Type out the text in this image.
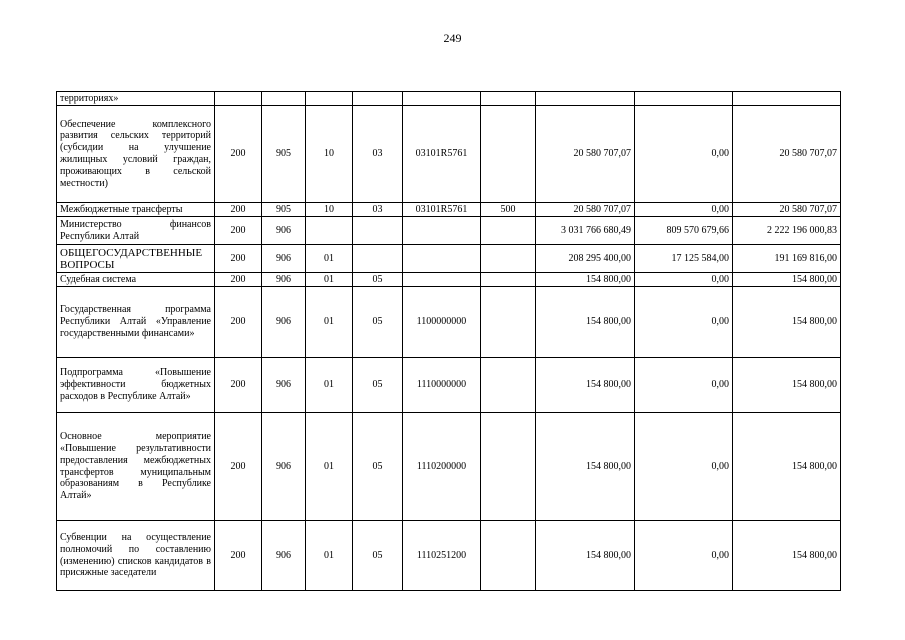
249
территориях»									
Обеспечение комплексного развития сельских территорий (субсидии на улучшение жилищных условий граждан, проживающих в сельской местности)	200	905	10	03	03101R5761		20 580 707,07	0,00	20 580 707,07
Межбюджетные трансферты	200	905	10	03	03101R5761	500	20 580 707,07	0,00	20 580 707,07
Министерство финансов Республики Алтай	200	906					3 031 766 680,49	809 570 679,66	2 222 196 000,83
ОБЩЕГОСУДАРСТВЕННЫЕ ВОПРОСЫ	200	906	01				208 295 400,00	17 125 584,00	191 169 816,00
Судебная система	200	906	01	05			154 800,00	0,00	154 800,00
Государственная программа Республики Алтай «Управление государственными финансами»	200	906	01	05	1100000000		154 800,00	0,00	154 800,00
Подпрограмма «Повышение эффективности бюджетных расходов в Республике Алтай»	200	906	01	05	1110000000		154 800,00	0,00	154 800,00
Основное мероприятие «Повышение результативности предоставления межбюджетных трансфертов муниципальным образованиям в Республике Алтай»	200	906	01	05	1110200000		154 800,00	0,00	154 800,00
Субвенции на осуществление полномочий по составлению (изменению) списков кандидатов в присяжные заседатели	200	906	01	05	1110251200		154 800,00	0,00	154 800,00
